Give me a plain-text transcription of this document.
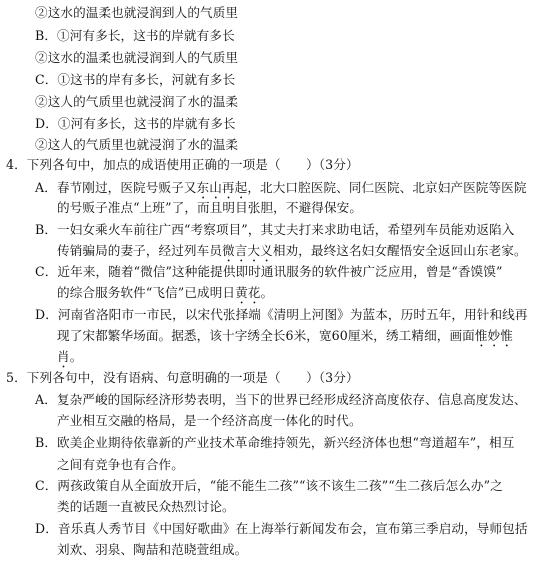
②这水的温柔也就浸润到人的气质里
B．①河有多长，这书的岸就有多长
②这水的温柔也就浸润到人的气质里
C．①这书的岸有多长，河就有多长
②这人的气质里也就浸润了水的温柔
D．①河有多长，这书的岸就有多长
②这人的气质里也就浸润了水的温柔
4．下列各句中，加点的成语使用正确的一项是（　　）（3分）
A．春节刚过，医院号贩子又东山再起，北大口腔医院、同仁医院、北京妇产医院等医院
的号贩子准点“上班”了，而且明目张胆，不避得保安。
B．一妇女乘火车前往广西“考察项目”，其丈夫打来求助电话，希望列车员能劝返陷入
传销骗局的妻子，经过列车员微言大义相劝，最终这名妇女醒悟安全返回山东老家。
C．近年来，随着“微信”这种能提供即时通讯服务的软件被广泛应用，曾是“香馍馍”
的综合服务软件“飞信”已成明日黄花。
D．河南省洛阳市一市民，以宋代张择端《清明上河图》为蓝本，历时五年，用针和线再
现了宋都繁华场面。据悉，该十字绣全长6米，宽60厘米，绣工精细，画面惟妙惟
肖。
5．下列各句中，没有语病、句意明确的一项是（　　）（3分）
A．复杂严峻的国际经济形势表明，当下的世界已经形成经济高度依存、信息高度发达、
产业相互交融的格局，是一个经济高度一体化的时代。
B．欧美企业期待依靠新的产业技术革命维持领先，新兴经济体也想“弯道超车”，相互
之间有竞争也有合作。
C．两孩政策自从全面放开后，“能不能生二孩”“该不该生二孩”“生二孩后怎么办”之
类的话题一直被民众热烈讨论。
D．音乐真人秀节目《中国好歌曲》在上海举行新闻发布会，宣布第三季启动，导师包括
刘欢、羽泉、陶喆和范晓萱组成。
